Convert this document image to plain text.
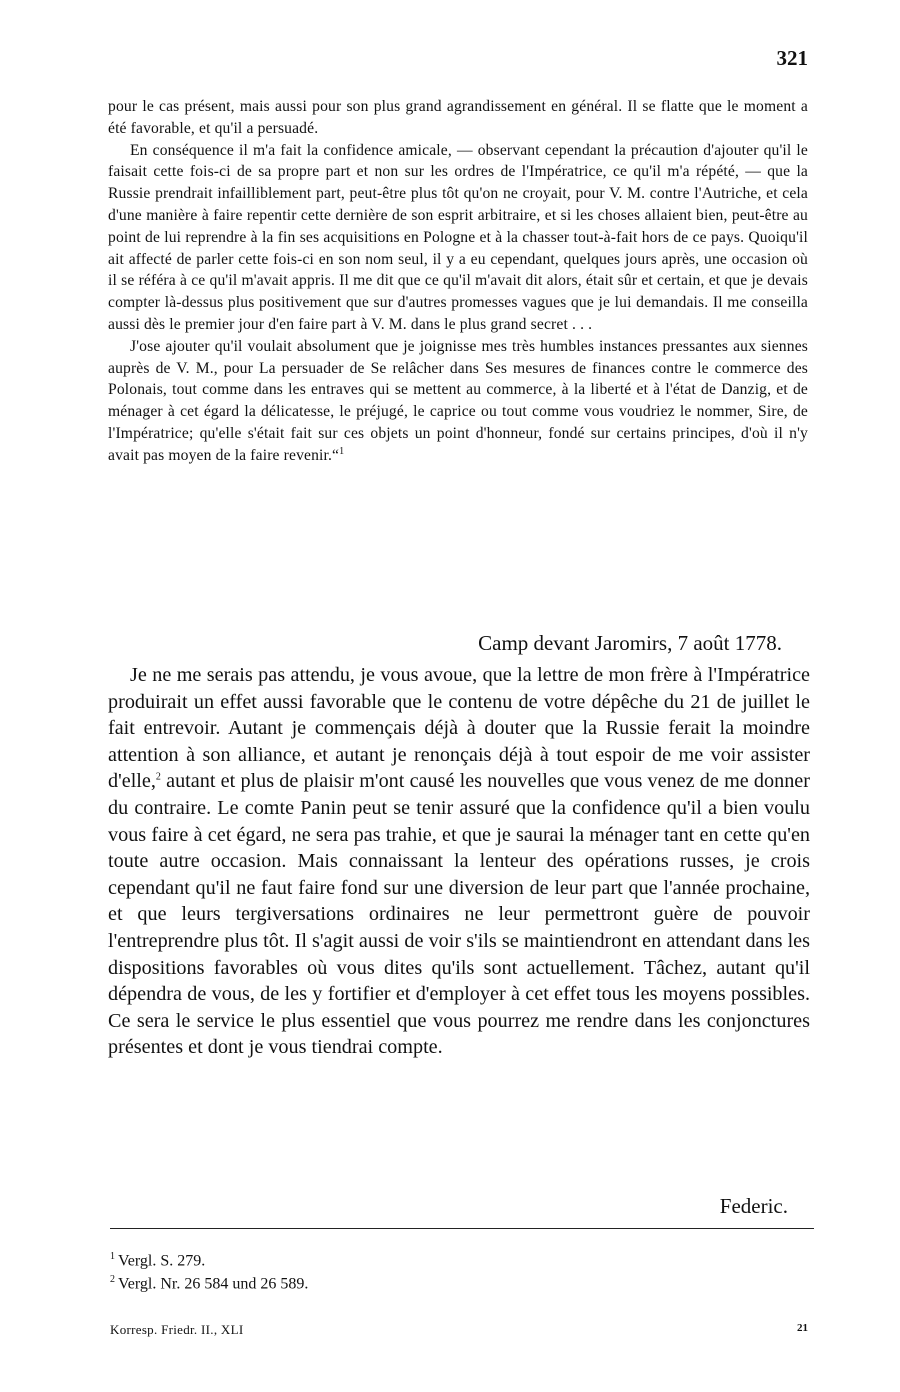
321

pour le cas présent, mais aussi pour son plus grand agrandissement en général. Il se flatte que le moment a été favorable, et qu'il a persuadé.

En conséquence il m'a fait la confidence amicale, — observant cependant la précaution d'ajouter qu'il le faisait cette fois-ci de sa propre part et non sur les ordres de l'Impératrice, ce qu'il m'a répété, — que la Russie prendrait infailliblement part, peut-être plus tôt qu'on ne croyait, pour V. M. contre l'Autriche, et cela d'une manière à faire repentir cette dernière de son esprit arbitraire, et si les choses allaient bien, peut-être au point de lui reprendre à la fin ses acquisitions en Pologne et à la chasser tout-à-fait hors de ce pays. Quoiqu'il ait affecté de parler cette fois-ci en son nom seul, il y a eu cependant, quelques jours après, une occasion où il se référa à ce qu'il m'avait appris. Il me dit que ce qu'il m'avait dit alors, était sûr et certain, et que je devais compter là-dessus plus positivement que sur d'autres promesses vagues que je lui demandais. Il me conseilla aussi dès le premier jour d'en faire part à V. M. dans le plus grand secret . . .

J'ose ajouter qu'il voulait absolument que je joignisse mes très humbles instances pressantes aux siennes auprès de V. M., pour La persuader de Se relâcher dans Ses mesures de finances contre le commerce des Polonais, tout comme dans les entraves qui se mettent au commerce, à la liberté et à l'état de Danzig, et de ménager à cet égard la délicatesse, le préjugé, le caprice ou tout comme vous voudriez le nommer, Sire, de l'Impératrice; qu'elle s'était fait sur ces objets un point d'honneur, fondé sur certains principes, d'où il n'y avait pas moyen de la faire revenir.“$^1$

Camp devant Jaromirs, 7 août 1778.

Je ne me serais pas attendu, je vous avoue, que la lettre de mon frère à l'Impératrice produirait un effet aussi favorable que le contenu de votre dépêche du 21 de juillet le fait entrevoir. Autant je commençais déjà à douter que la Russie ferait la moindre attention à son alliance, et autant je renonçais déjà à tout espoir de me voir assister d'elle,$^2$ autant et plus de plaisir m'ont causé les nouvelles que vous venez de me donner du contraire. Le comte Panin peut se tenir assuré que la confidence qu'il a bien voulu vous faire à cet égard, ne sera pas trahie, et que je saurai la ménager tant en cette qu'en toute autre occasion. Mais connaissant la lenteur des opérations russes, je crois cependant qu'il ne faut faire fond sur une diversion de leur part que l'année prochaine, et que leurs tergiversations ordinaires ne leur permettront guère de pouvoir l'entreprendre plus tôt. Il s'agit aussi de voir s'ils se maintiendront en attendant dans les dispositions favorables où vous dites qu'ils sont actuellement. Tâchez, autant qu'il dépendra de vous, de les y fortifier et d'employer à cet effet tous les moyens possibles. Ce sera le service le plus essentiel que vous pourrez me rendre dans les conjonctures présentes et dont je vous tiendrai compte.

Federic.
$^1$ Vergl. S. 279.
$^2$ Vergl. Nr. 26 584 und 26 589.
Korresp. Friedr. II., XLI	21
